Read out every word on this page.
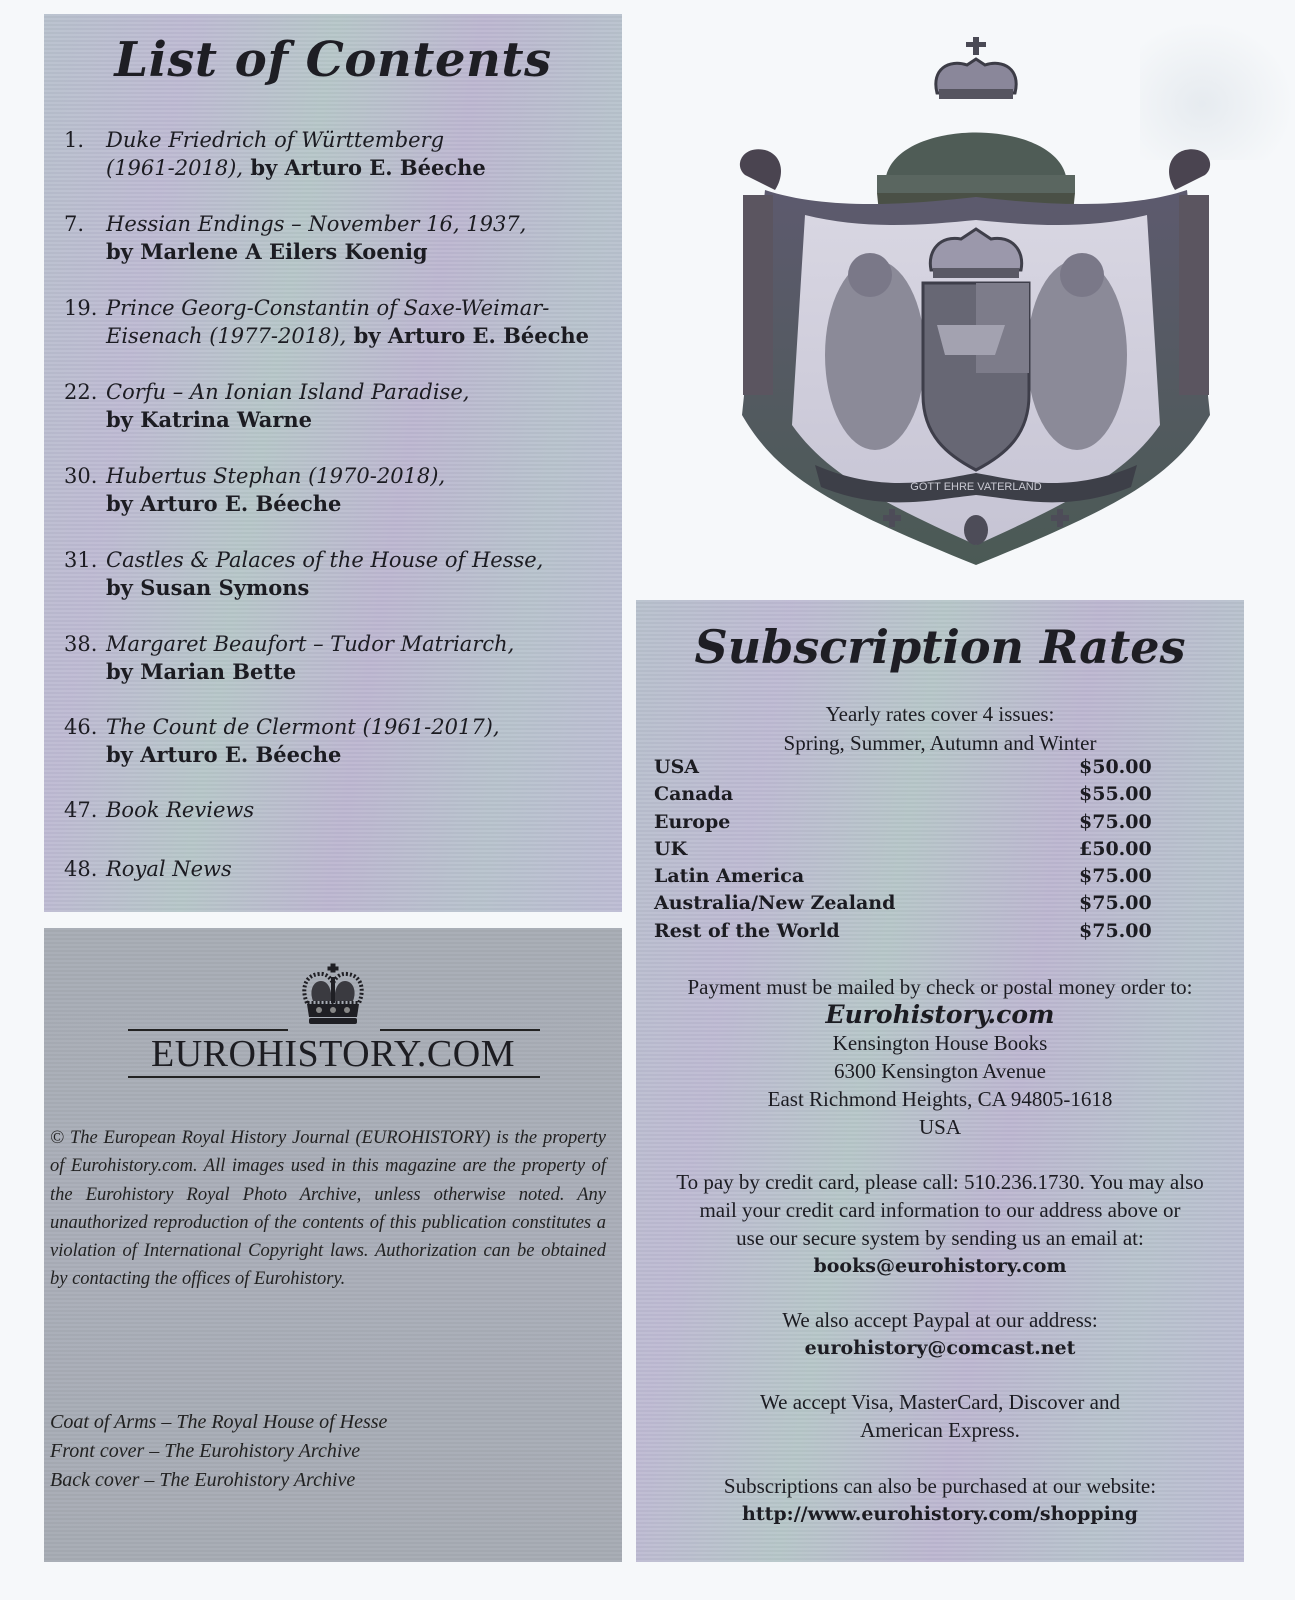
List of Contents
1.	Duke Friedrich of Württemberg
(1961-2018), by Arturo E. Béeche
7.	Hessian Endings – November 16, 1937,
by Marlene A Eilers Koenig
19. Prince Georg-Constantin of Saxe-Weimar-
Eisenach (1977-2018), by Arturo E. Béeche
22. Corfu – An Ionian Island Paradise,
by Katrina Warne
30. Hubertus Stephan (1970-2018),
by Arturo E. Béeche
31. Castles & Palaces of the House of Hesse,
by Susan Symons
38. Margaret Beaufort – Tudor Matriarch,
by Marian Bette
46. The Count de Clermont (1961-2017),
by Arturo E. Béeche
47. Book Reviews
48. Royal News
EUROHISTORY.COM

© The European Royal History Journal (EUROHISTORY) is the property of Eurohistory.com. All images used in this magazine are the property of the Eurohistory Royal Photo Archive, unless otherwise noted. Any unauthorized reproduction of the contents of this publication constitutes a violation of International Copyright laws. Authorization can be obtained by contacting the offices of Eurohistory.

Coat of Arms – The Royal House of Hesse
Front cover – The Eurohistory Archive
Back cover – The Eurohistory Archive
GOTT EHRE VATERLAND
Subscription Rates
Yearly rates cover 4 issues:
Spring, Summer, Autumn and Winter
USA	$50.00
Canada	$55.00
Europe	$75.00
UK	£50.00
Latin America	$75.00
Australia/New Zealand	$75.00
Rest of the World	$75.00
Payment must be mailed by check or postal money order to:
Eurohistory.com
Kensington House Books
6300 Kensington Avenue
East Richmond Heights, CA 94805-1618
USA
To pay by credit card, please call: 510.236.1730. You may also
mail your credit card information to our address above or
use our secure system by sending us an email at:
books@eurohistory.com
We also accept Paypal at our address:
eurohistory@comcast.net
We accept Visa, MasterCard, Discover and
American Express.
Subscriptions can also be purchased at our website:
http://www.eurohistory.com/shopping
